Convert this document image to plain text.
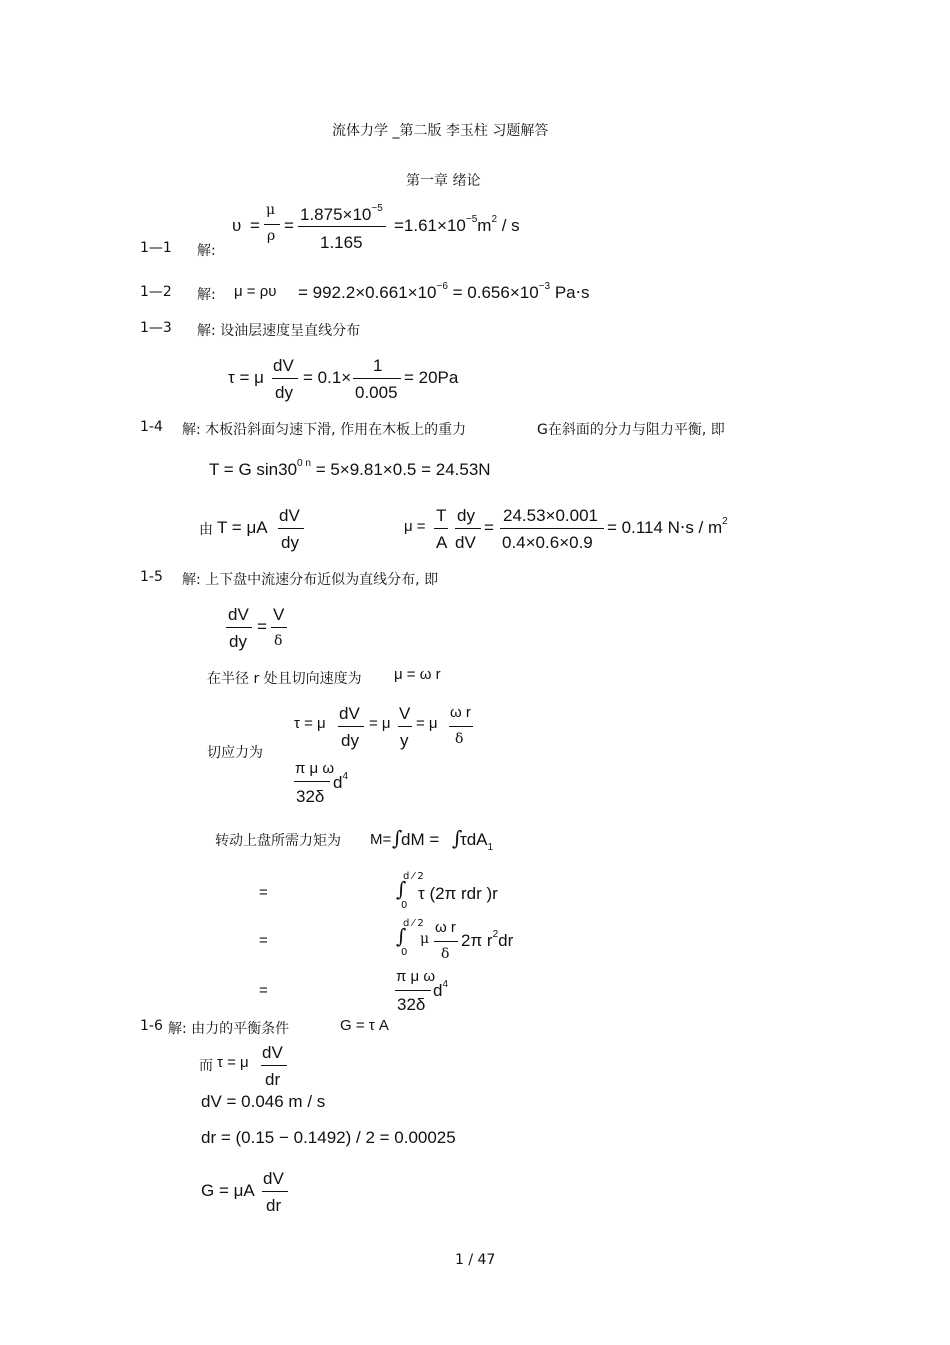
流体力学 _第二版 李玉柱 习题解答
第一章 绪论
1—1 解:
υ =
μ
ρ
=
$1.875\times 10^{-5}$
1.165
$=1.61\times 10^{-5}m^2 / s$
1—2 解: $\mu = \rho\upsilon = 992.2\times 0.661\times 10^{-6} = 0.656\times 10^{-3}$ Pa⋅s
1—3 解: 设油层速度呈直线分布
τ = μ
dV
dy
= 0.1×
1
0.005
= 20Pa
1-4 解: 木板沿斜面匀速下滑, 作用在木板上的重力	G在斜面的分力与阻力平衡, 即
T = G $\sin 30^{0 n} = 5\times 9.81\times 0.5 = 24.53N$
由 T = μA
dV
dy
μ =
T
A
dy
dV
=
24.53×0.001
0.4×0.6×0.9
= 0.114 $N\cdot s / m^2$
1-5 解: 上下盘中流速分布近似为直线分布, 即
dV
dy
=
V
δ
在半径 r 处且切向速度为 μ = ω r
切应力为
τ = μ
dV
dy
= μ
V
y
= μ
ω r
δ
π μ ω
32δ
$d^4$
转动上盘所需力矩为 M= ∫
dM = ∫
τdA$_1$
=
d ⁄ 2
∫
0
τ (2π rdr )r
=
d ⁄ 2
∫
0
μ
ω r
δ
2π $r^2dr$
=
π μ ω
32δ
$d^4$
1-6 解: 由力的平衡条件	G = τ A
而 τ = μ
dV
dr
dV = 0.046 m / s
dr = (0.15 − 0.1492) / 2 = 0.00025
G = μA
dV
dr
1 / 47
